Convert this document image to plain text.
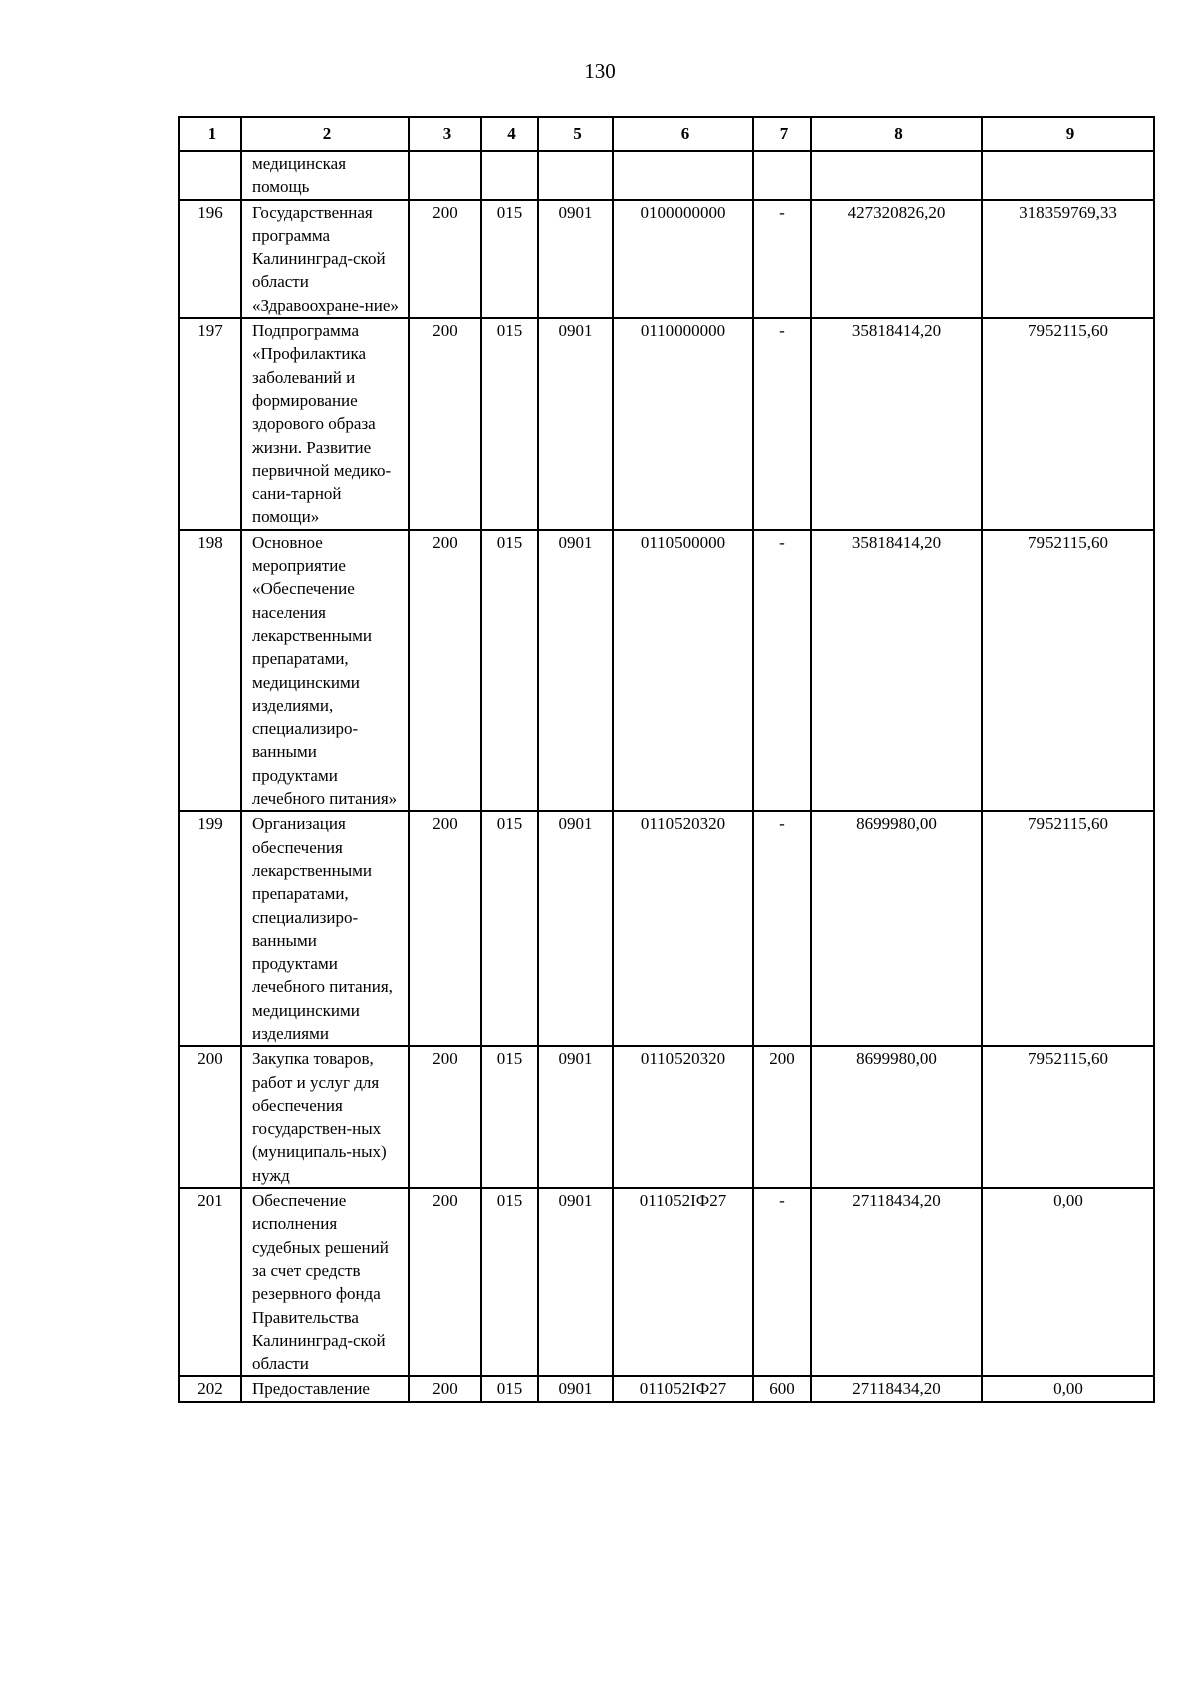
130
1	2	3	4	5	6	7	8	9
	медицинская помощь							
196	Государственная программа Калининград-ской области «Здравоохране-ние»	200	015	0901	0100000000	-	427320826,20	318359769,33
197	Подпрограмма «Профилактика заболеваний и формирование здорового образа жизни. Развитие первичной медико-сани-тарной помощи»	200	015	0901	0110000000	-	35818414,20	7952115,60
198	Основное мероприятие «Обеспечение населения лекарственными препаратами, медицинскими изделиями, специализиро-ванными продуктами лечебного питания»	200	015	0901	0110500000	-	35818414,20	7952115,60
199	Организация обеспечения лекарственными препаратами, специализиро-ванными продуктами лечебного питания, медицинскими изделиями	200	015	0901	0110520320	-	8699980,00	7952115,60
200	Закупка товаров, работ и услуг для обеспечения государствен-ных (муниципаль-ных) нужд	200	015	0901	0110520320	200	8699980,00	7952115,60
201	Обеспечение исполнения судебных решений за счет средств резервного фонда Правительства Калининград-ской области	200	015	0901	011052IФ27	-	27118434,20	0,00
202	Предоставление	200	015	0901	011052IФ27	600	27118434,20	0,00
